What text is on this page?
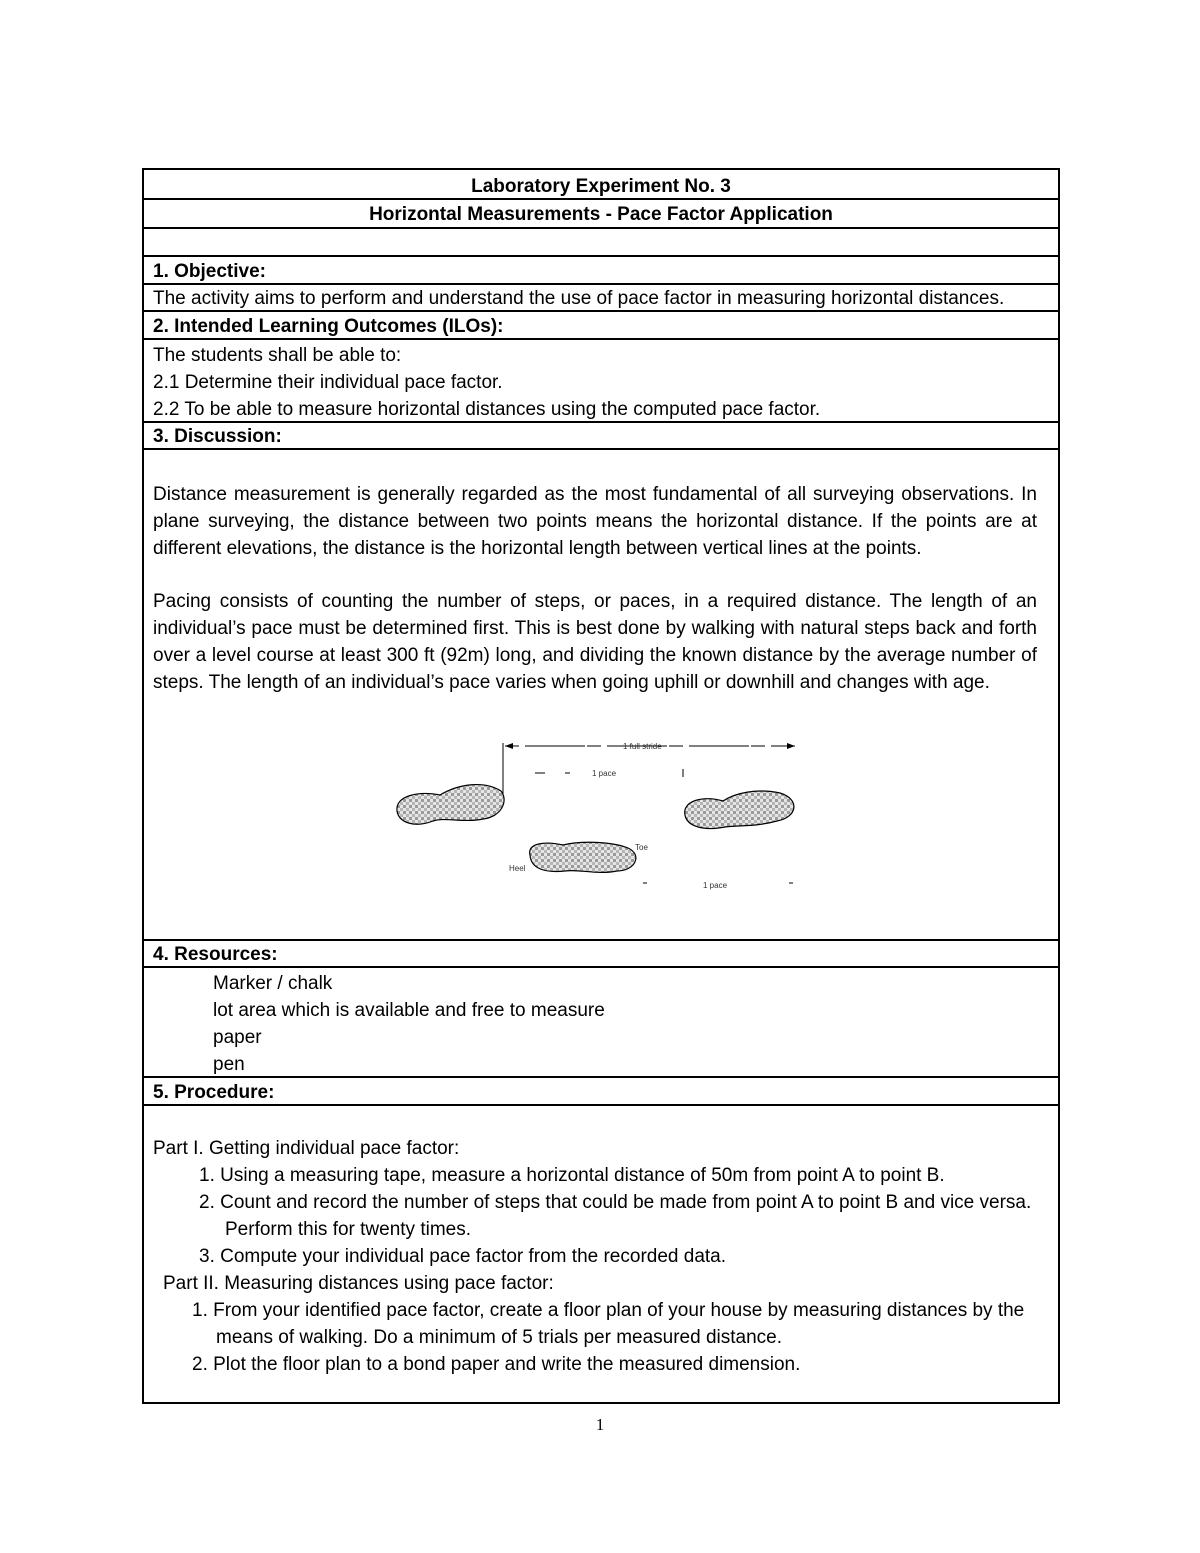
Laboratory Experiment No. 3
Horizontal Measurements - Pace Factor Application
1. Objective:
The activity aims to perform and understand the use of pace factor in measuring horizontal distances.
2. Intended Learning Outcomes (ILOs):
The students shall be able to:
2.1 Determine their individual pace factor.
2.2 To be able to measure horizontal distances using the computed pace factor.
3. Discussion:
Distance measurement is generally regarded as the most fundamental of all surveying observations. In plane surveying, the distance between two points means the horizontal distance. If the points are at different elevations, the distance is the horizontal length between vertical lines at the points.
Pacing consists of counting the number of steps, or paces, in a required distance. The length of an individual’s pace must be determined first. This is best done by walking with natural steps back and forth over a level course at least 300 ft (92m) long, and dividing the known distance by the average number of steps. The length of an individual’s pace varies when going uphill or downhill and changes with age.
4. Resources:
Marker / chalk
lot area which is available and free to measure
paper
pen
5. Procedure:
Part I. Getting individual pace factor:
1. Using a measuring tape, measure a horizontal distance of 50m from point A to point B.
2. Count and record the number of steps that could be made from point A to point B and vice versa.
Perform this for twenty times.
3. Compute your individual pace factor from the recorded data.
Part II. Measuring distances using pace factor:
1. From your identified pace factor, create a floor plan of your house by measuring distances by the
means of walking. Do a minimum of 5 trials per measured distance.
2. Plot the floor plan to a bond paper and write the measured dimension.
1 full stride
1 pace
Toe
Heel
1 pace
1
